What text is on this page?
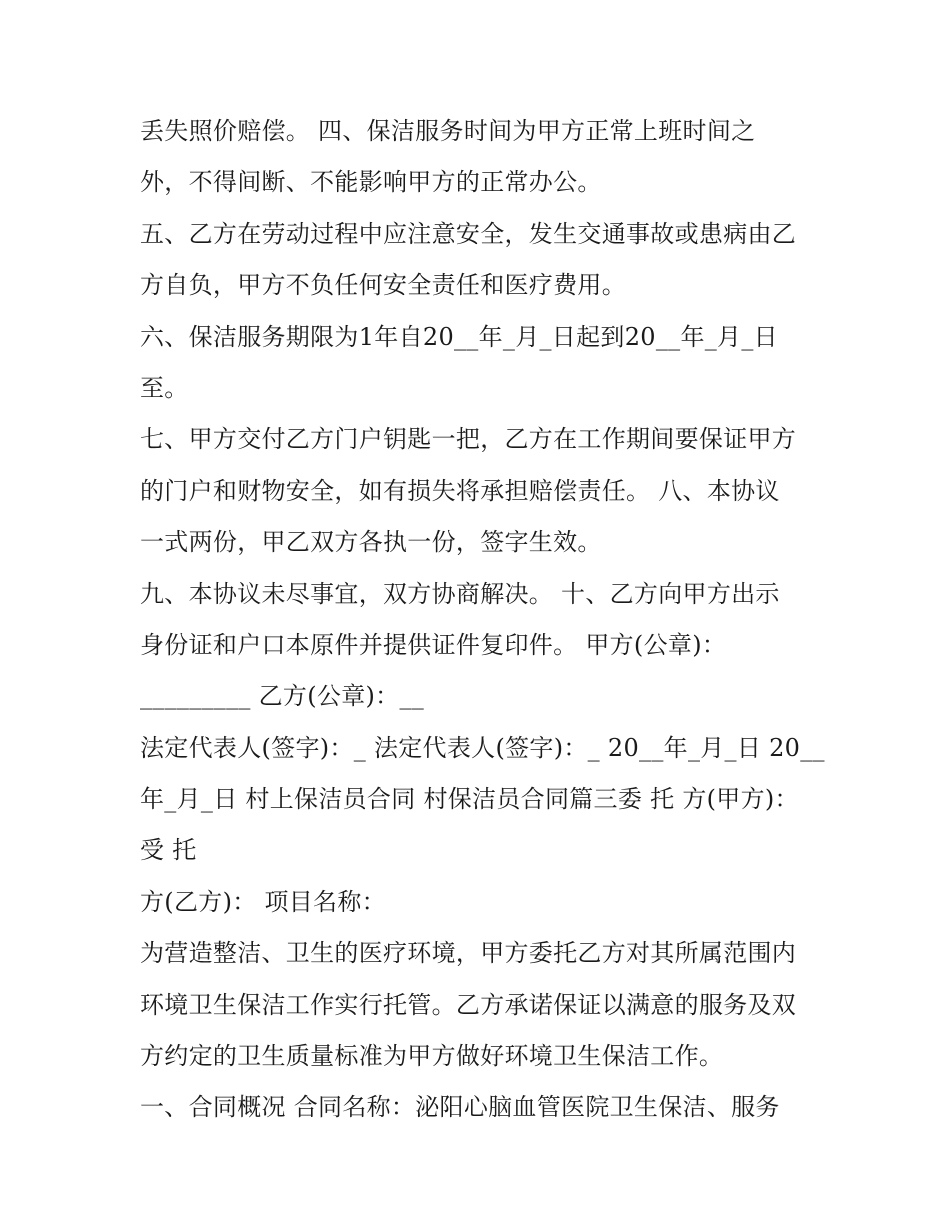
丢失照价赔偿。 四、保洁服务时间为甲方正常上班时间之
外，不得间断、不能影响甲方的正常办公。
五、乙方在劳动过程中应注意安全，发生交通事故或患病由乙
方自负，甲方不负任何安全责任和医疗费用。
六、保洁服务期限为1年自20__年_月_日起到20__年_月_日
至。
七、甲方交付乙方门户钥匙一把，乙方在工作期间要保证甲方
的门户和财物安全，如有损失将承担赔偿责任。 八、本协议
一式两份，甲乙双方各执一份，签字生效。
九、本协议未尽事宜，双方协商解决。 十、乙方向甲方出示
身份证和户口本原件并提供证件复印件。 甲方(公章)：
_________ 乙方(公章)：__
法定代表人(签字)：_ 法定代表人(签字)：_ 20__年_月_日 20__
年_月_日 村上保洁员合同 村保洁员合同篇三委 托 方(甲方)：
受 托
方(乙方)： 项目名称：
为营造整洁、卫生的医疗环境，甲方委托乙方对其所属范围内
环境卫生保洁工作实行托管。乙方承诺保证以满意的服务及双
方约定的卫生质量标准为甲方做好环境卫生保洁工作。
一、合同概况 合同名称：泌阳心脑血管医院卫生保洁、服务
